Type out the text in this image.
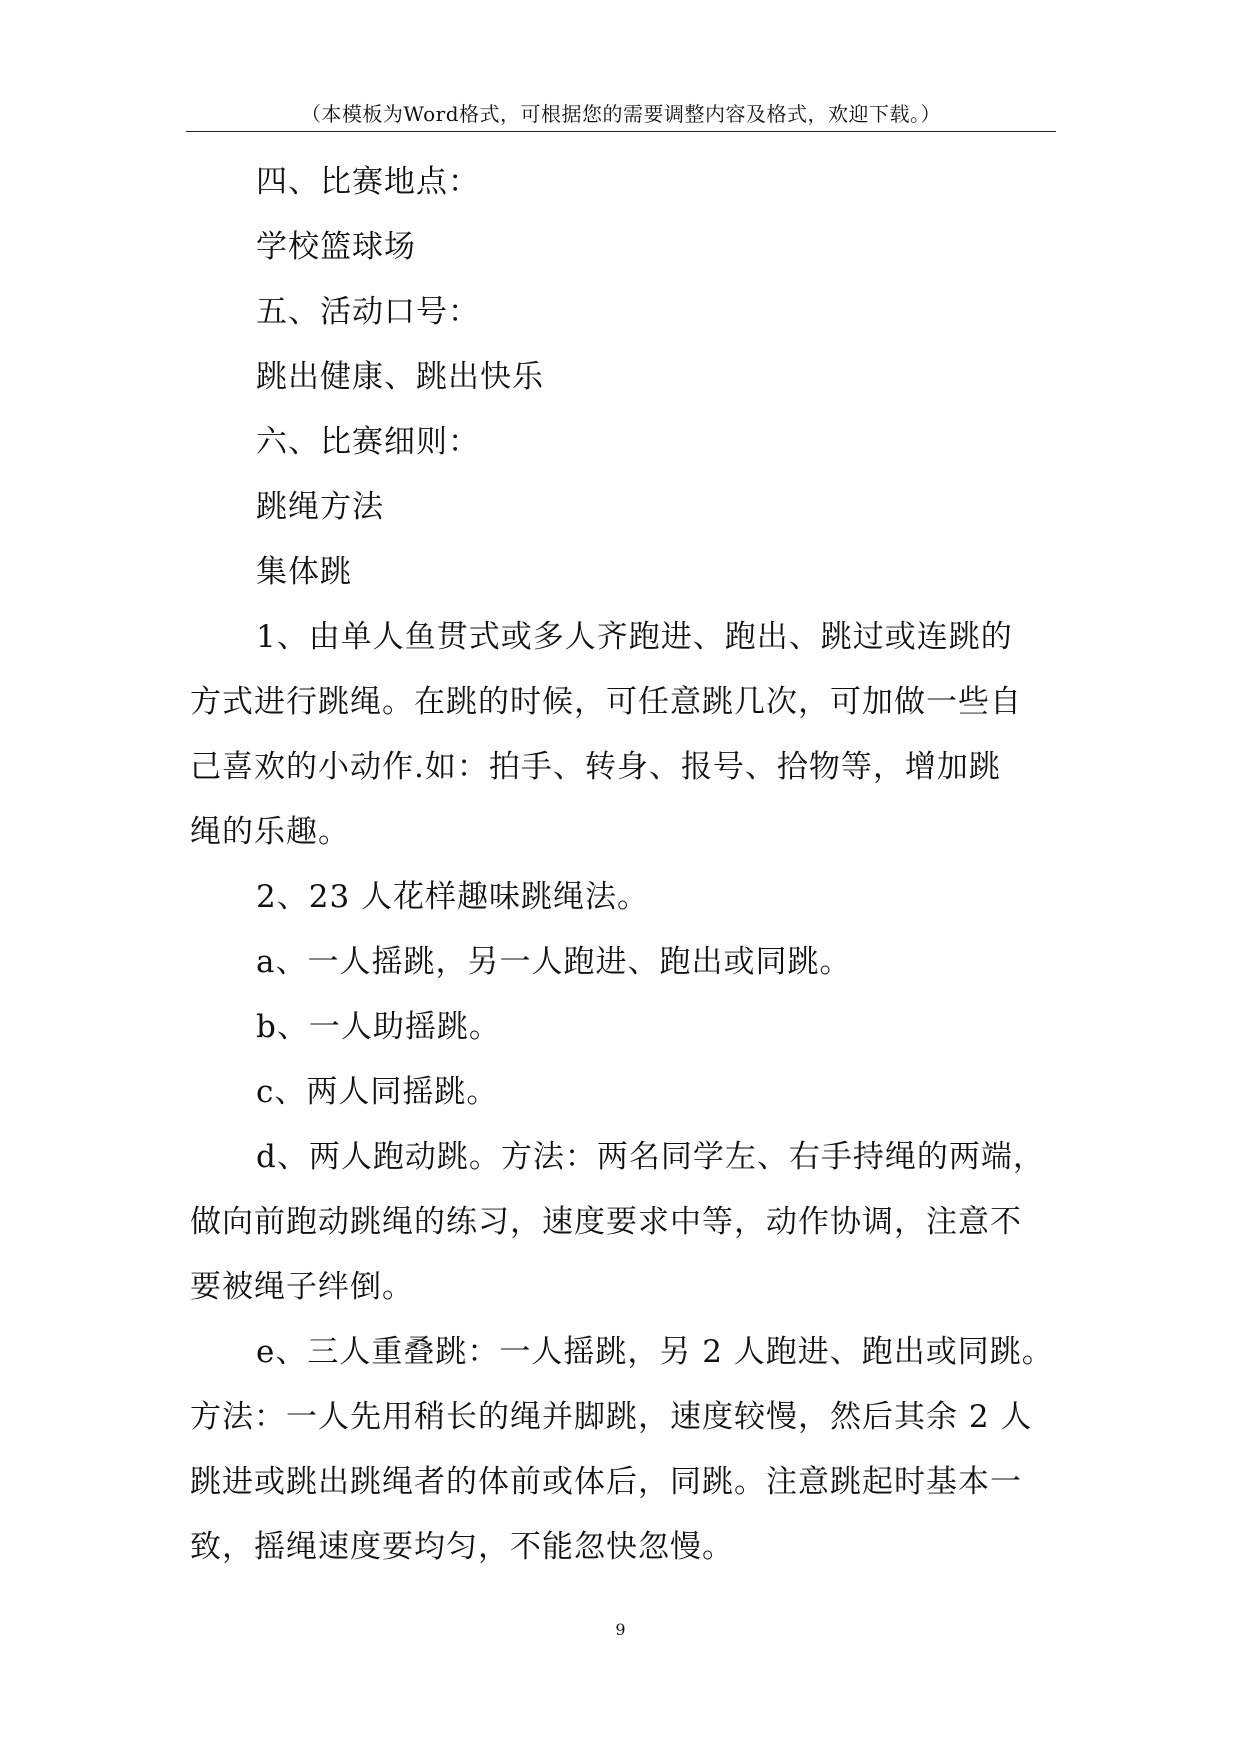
（本模板为Word格式，可根据您的需要调整内容及格式，欢迎下载。）

四、比赛地点：

学校篮球场

五、活动口号：

跳出健康、跳出快乐

六、比赛细则：

跳绳方法

集体跳

1、由单人鱼贯式或多人齐跑进、跑出、跳过或连跳的

方式进行跳绳。在跳的时候，可任意跳几次，可加做一些自

己喜欢的小动作.如：拍手、转身、报号、拾物等，增加跳

绳的乐趣。

2、23 人花样趣味跳绳法。

a、一人摇跳，另一人跑进、跑出或同跳。

b、一人助摇跳。

c、两人同摇跳。

d、两人跑动跳。方法：两名同学左、右手持绳的两端，

做向前跑动跳绳的练习，速度要求中等，动作协调，注意不

要被绳子绊倒。

e、三人重叠跳：一人摇跳，另 2 人跑进、跑出或同跳。

方法：一人先用稍长的绳并脚跳，速度较慢，然后其余 2 人

跳进或跳出跳绳者的体前或体后，同跳。注意跳起时基本一

致，摇绳速度要均匀，不能忽快忽慢。

9
